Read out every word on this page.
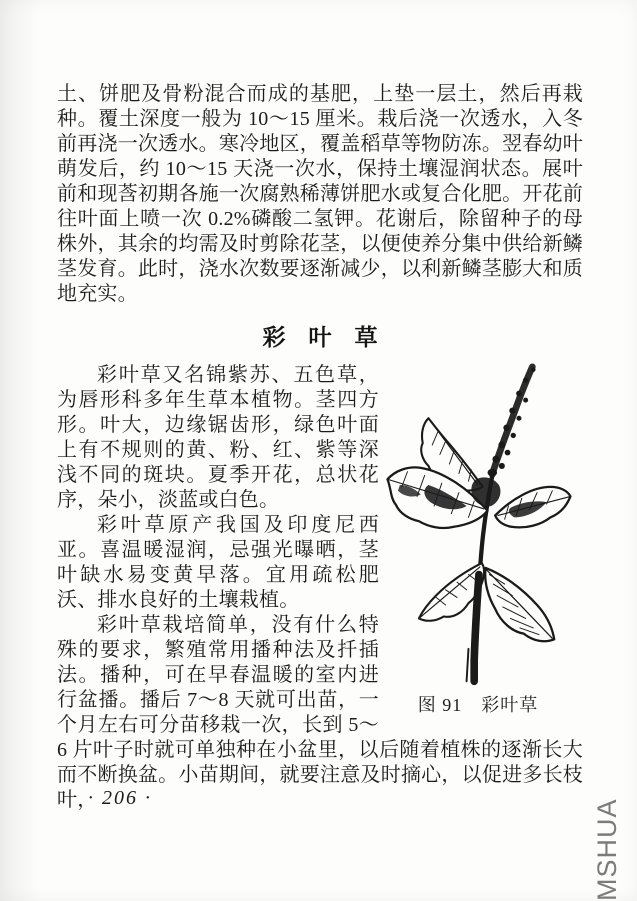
土、饼肥及骨粉混合而成的基肥，上垫一层土，然后再栽种。覆土深度一般为 10～15 厘米。栽后浇一次透水，入冬前再浇一次透水。寒冷地区，覆盖稻草等物防冻。翌春幼叶萌发后，约 10～15 天浇一次水，保持土壤湿润状态。展叶前和现莟初期各施一次腐熟稀薄饼肥水或复合化肥。开花前往叶面上喷一次 0.2%磷酸二氢钾。花谢后，除留种子的母株外，其余的均需及时剪除花茎，以便使养分集中供给新鳞茎发育。此时，浇水次数要逐渐减少，以利新鳞茎膨大和质地充实。

彩　叶　草
图 91　彩叶草

彩叶草又名锦紫苏、五色草，为唇形科多年生草本植物。茎四方形。叶大，边缘锯齿形，绿色叶面上有不规则的黄、粉、红、紫等深浅不同的斑块。夏季开花，总状花序，朵小，淡蓝或白色。

彩叶草原产我国及印度尼西亚。喜温暖湿润，忌强光曝晒，茎叶缺水易变黄早落。宜用疏松肥沃、排水良好的土壤栽植。

彩叶草栽培简单，没有什么特殊的要求，繁殖常用播种法及扦插法。播种，可在早春温暖的室内进行盆播。播后 7～8 天就可出苗，一个月左右可分苗移栽一次，长到 5～6 片叶子时就可单独种在小盆里，以后随着植株的逐渐长大而不断换盆。小苗期间，就要注意及时摘心，以促进多长枝叶，

· 206 ·
MSHUA
